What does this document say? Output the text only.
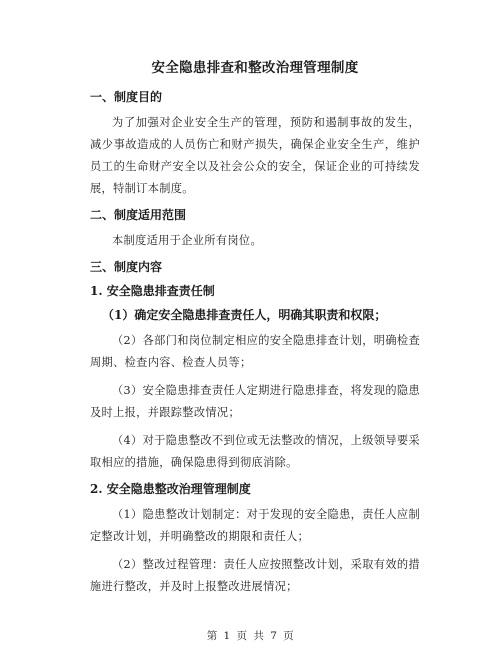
安全隐患排查和整改治理管理制度
一、制度目的
为了加强对企业安全生产的管理，预防和遏制事故的发生，减少事故造成的人员伤亡和财产损失，确保企业安全生产，维护员工的生命财产安全以及社会公众的安全，保证企业的可持续发展，特制订本制度。
二、制度适用范围
本制度适用于企业所有岗位。
三、制度内容
1. 安全隐患排查责任制
（1）确定安全隐患排查责任人，明确其职责和权限；
（2）各部门和岗位制定相应的安全隐患排查计划，明确检查周期、检查内容、检查人员等；
（3）安全隐患排查责任人定期进行隐患排查，将发现的隐患及时上报，并跟踪整改情况；
（4）对于隐患整改不到位或无法整改的情况，上级领导要采取相应的措施，确保隐患得到彻底消除。
2. 安全隐患整改治理管理制度
（1）隐患整改计划制定：对于发现的安全隐患，责任人应制定整改计划，并明确整改的期限和责任人；
（2）整改过程管理：责任人应按照整改计划，采取有效的措施进行整改，并及时上报整改进展情况；
第 1 页 共 7 页
